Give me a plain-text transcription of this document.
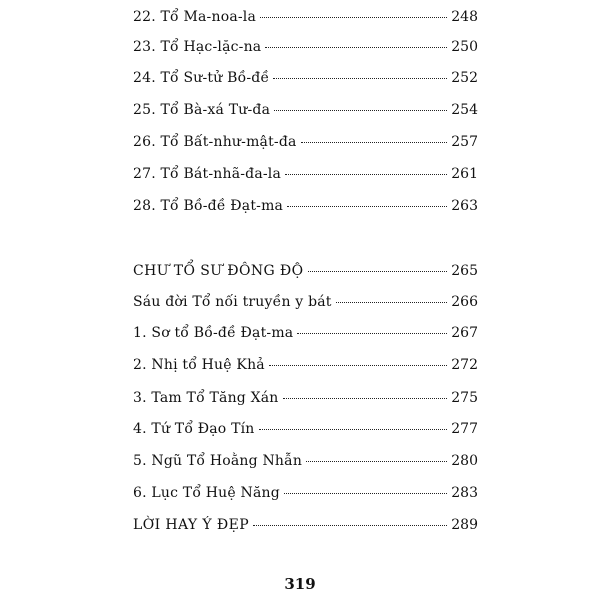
22. Tổ Ma-noa-la	248
23. Tổ Hạc-lặc-na	250
24. Tổ Sư-tử Bồ-đề	252
25. Tổ Bà-xá Tư-đa	254
26. Tổ Bất-như-mật-đa	257
27. Tổ Bát-nhã-đa-la	261
28. Tổ Bồ-đề Đạt-ma	263
CHƯ TỔ SƯ ĐÔNG ĐỘ	265
Sáu đời Tổ nối truyền y bát	266
1. Sơ tổ Bồ-đề Đạt-ma	267
2. Nhị tổ Huệ Khả	272
3. Tam Tổ Tăng Xán	275
4. Tứ Tổ Đạo Tín	277
5. Ngũ Tổ Hoằng Nhẫn	280
6. Lục Tổ Huệ Năng	283
LỜI HAY Ý ĐẸP	289
319
